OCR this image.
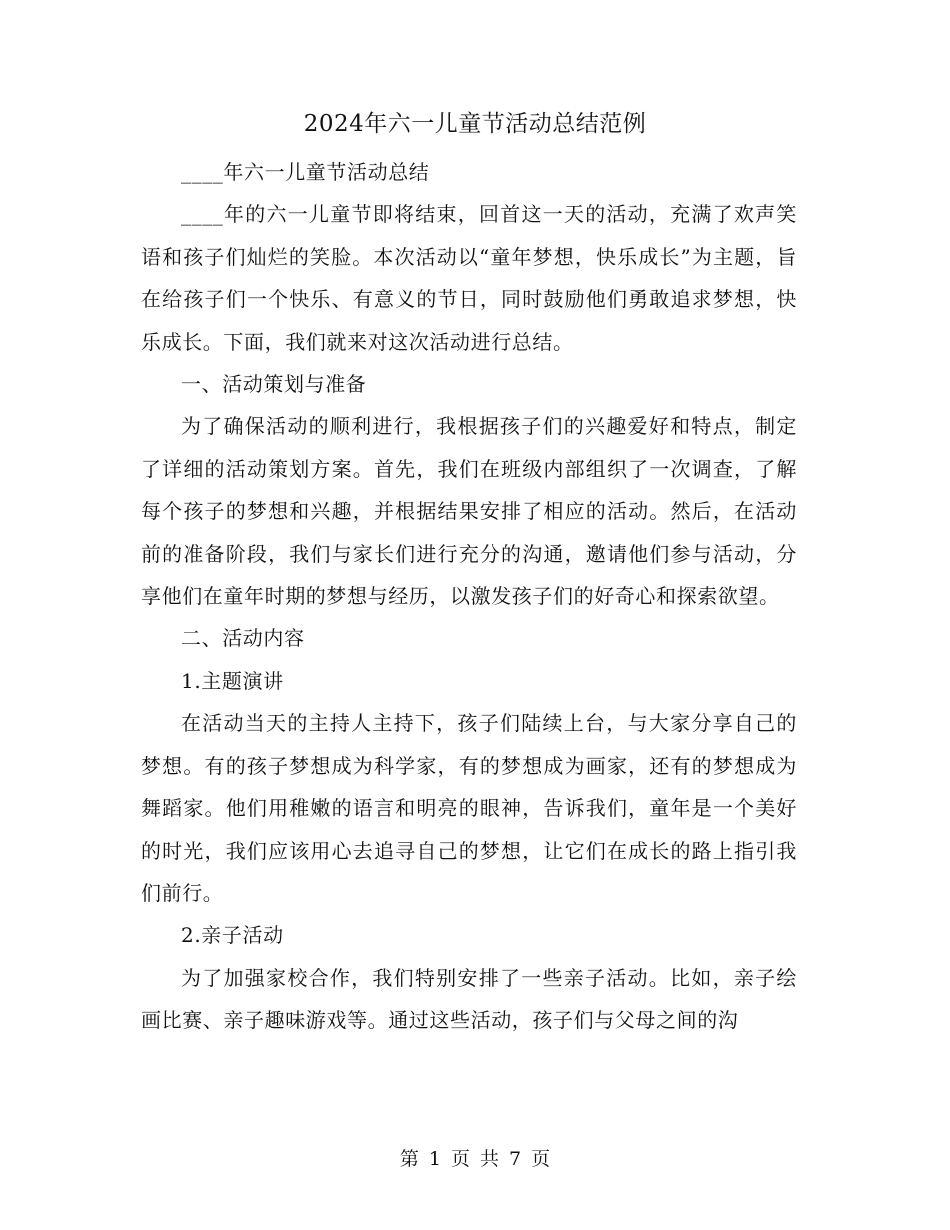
2024年六一儿童节活动总结范例

____年六一儿童节活动总结

____年的六一儿童节即将结束，回首这一天的活动，充满了欢声笑语和孩子们灿烂的笑脸。本次活动以“童年梦想，快乐成长”为主题，旨在给孩子们一个快乐、有意义的节日，同时鼓励他们勇敢追求梦想，快乐成长。下面，我们就来对这次活动进行总结。

一、活动策划与准备

为了确保活动的顺利进行，我根据孩子们的兴趣爱好和特点，制定了详细的活动策划方案。首先，我们在班级内部组织了一次调查，了解每个孩子的梦想和兴趣，并根据结果安排了相应的活动。然后，在活动前的准备阶段，我们与家长们进行充分的沟通，邀请他们参与活动，分享他们在童年时期的梦想与经历，以激发孩子们的好奇心和探索欲望。

二、活动内容

1.主题演讲

在活动当天的主持人主持下，孩子们陆续上台，与大家分享自己的梦想。有的孩子梦想成为科学家，有的梦想成为画家，还有的梦想成为舞蹈家。他们用稚嫩的语言和明亮的眼神，告诉我们，童年是一个美好的时光，我们应该用心去追寻自己的梦想，让它们在成长的路上指引我们前行。

2.亲子活动

为了加强家校合作，我们特别安排了一些亲子活动。比如，亲子绘画比赛、亲子趣味游戏等。通过这些活动，孩子们与父母之间的沟

第 1 页 共 7 页
